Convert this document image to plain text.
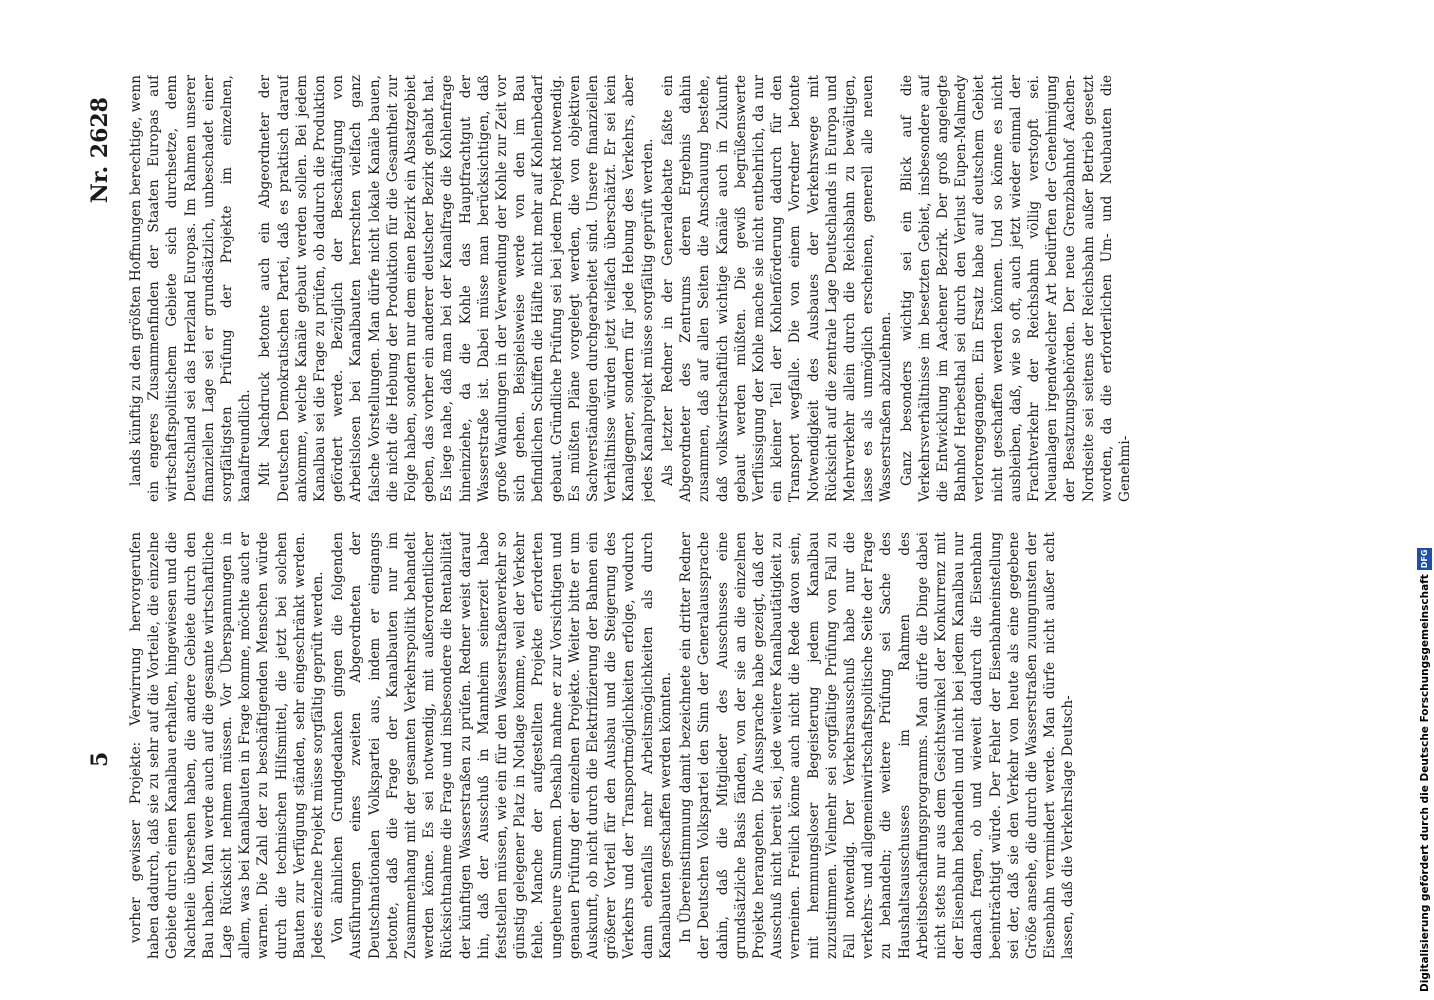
5
Nr. 2628

vorher gewisser Projekte: Verwirrung hervorgerufen haben dadurch, daß sie zu sehr auf die Vorteile, die einzelne Gebiete durch einen Kanalbau erhalten, hingewiesen und die Nachteile übersehen haben, die andere Gebiete durch den Bau haben. Man werde auch auf die gesamte wirtschaftliche Lage Rücksicht nehmen müssen. Vor Überspannungen in allem, was bei Kanalbauten in Frage komme, möchte auch er warnen. Die Zahl der zu beschäftigenden Menschen würde durch die technischen Hilfsmittel, die jetzt bei solchen Bauten zur Verfügung ständen, sehr eingeschränkt werden. Jedes einzelne Projekt müsse sorgfältig geprüft werden. Von ähnlichen Grundgedanken gingen die folgenden Ausführungen eines zweiten Abgeordneten der Deutschnationalen Volkspartei aus, indem er eingangs betonte, daß die Frage der Kanalbauten nur im Zusammenhang mit der gesamten Verkehrspolitik behandelt werden könne. Es sei notwendig, mit außerordentlicher Rücksichtnahme die Frage und insbesondere die Rentabilität der künftigen Wasserstraßen zu prüfen. Redner weist darauf hin, daß der Ausschuß in Mannheim seinerzeit habe feststellen müssen, wie ein für den Wasserstraßenverkehr so günstig gelegener Platz in Notlage komme, weil der Verkehr fehle. Manche der aufgestellten Projekte erforderten ungeheure Summen. Deshalb mahne er zur Vorsichtigen und genauen Prüfung der einzelnen Projekte. Weiter bitte er um Auskunft, ob nicht durch die Elektrifizierung der Bahnen ein größerer Vorteil für den Ausbau und die Steigerung des Verkehrs und der Transportmöglichkeiten erfolge, wodurch dann ebenfalls mehr Arbeitsmöglichkeiten als durch Kanalbauten geschaffen werden könnten. In Übereinstimmung damit bezeichnete ein dritter Redner der Deutschen Volkspartei den Sinn der Generalaussprache dahin, daß die Mitglieder des Ausschusses eine grundsätzliche Basis fänden, von der sie an die einzelnen Projekte herangehen. Die Aussprache habe gezeigt, daß der Ausschuß nicht bereit sei, jede weitere Kanalbautätigkeit zu verneinen. Freilich könne auch nicht die Rede davon sein, mit hemmungsloser Begeisterung jedem Kanalbau zuzustimmen. Vielmehr sei sorgfältige Prüfung von Fall zu Fall notwendig. Der Verkehrsausschuß habe nur die verkehrs- und allgemeinwirtschaftspolitische Seite der Frage zu behandeln; die weitere Prüfung sei Sache des Haushaltsausschusses im Rahmen des Arbeitsbeschaffungsprogramms. Man dürfe die Dinge dabei nicht stets nur aus dem Gesichtswinkel der Konkurrenz mit der Eisenbahn behandeln und nicht bei jedem Kanalbau nur danach fragen, ob und wieweit dadurch die Eisenbahn beeinträchtigt würde. Der Fehler der Eisenbahneinstellung sei der, daß sie den Verkehr von heute als eine gegebene Größe ansehe, die durch die Wasserstraßen zuungunsten der Eisenbahn vermindert werde. Man dürfe nicht außer acht lassen, daß die Verkehrslage Deutsch-

lands künftig zu den größten Hoffnungen berechtige, wenn ein engeres Zusammenfinden der Staaten Europas auf wirtschaftspolitischem Gebiete sich durchsetze, denn Deutschland sei das Herzland Europas. Im Rahmen unserer finanziellen Lage sei er grundsätzlich, unbeschadet einer sorgfältigsten Prüfung der Projekte im einzelnen, kanalfreundlich. Mit Nachdruck betonte auch ein Abgeordneter der Deutschen Demokratischen Partei, daß es praktisch darauf ankomme, welche Kanäle gebaut werden sollen. Bei jedem Kanalbau sei die Frage zu prüfen, ob dadurch die Produktion gefördert werde. Bezüglich der Beschäftigung von Arbeitslosen bei Kanalbauten herrschten vielfach ganz falsche Vorstellungen. Man dürfe nicht lokale Kanäle bauen, die nicht die Hebung der Produktion für die Gesamtheit zur Folge haben, sondern nur dem einen Bezirk ein Absatzgebiet geben, das vorher ein anderer deutscher Bezirk gehabt hat. Es liege nahe, daß man bei der Kanalfrage die Kohlenfrage hineinziehe, da die Kohle das Hauptfrachtgut der Wasserstraße ist. Dabei müsse man berücksichtigen, daß große Wandlungen in der Verwendung der Kohle zur Zeit vor sich gehen. Beispielsweise werde von den im Bau befindlichen Schiffen die Hälfte nicht mehr auf Kohlenbedarf gebaut. Gründliche Prüfung sei bei jedem Projekt notwendig. Es müßten Pläne vorgelegt werden, die von objektiven Sachverständigen durchgearbeitet sind. Unsere finanziellen Verhältnisse würden jetzt vielfach überschätzt. Er sei kein Kanalgegner, sondern für jede Hebung des Verkehrs, aber jedes Kanalprojekt müsse sorgfältig geprüft werden. Als letzter Redner in der Generaldebatte faßte ein Abgeordneter des Zentrums deren Ergebnis dahin zusammen, daß auf allen Seiten die Anschauung bestehe, daß volkswirtschaftlich wichtige Kanäle auch in Zukunft gebaut werden müßten. Die gewiß begrüßenswerte Verflüssigung der Kohle mache sie nicht entbehrlich, da nur ein kleiner Teil der Kohlenförderung dadurch für den Transport wegfalle. Die von einem Vorredner betonte Notwendigkeit des Ausbaues der Verkehrswege mit Rücksicht auf die zentrale Lage Deutschlands in Europa und Mehrverkehr allein durch die Reichsbahn zu bewältigen, lasse es als unmöglich erscheinen, generell alle neuen Wasserstraßen abzulehnen. Ganz besonders wichtig sei ein Blick auf die Verkehrsverhältnisse im besetzten Gebiet, insbesondere auf die Entwicklung im Aachener Bezirk. Der groß angelegte Bahnhof Herbesthal sei durch den Verlust Eupen-Malmedy verlorengegangen. Ein Ersatz habe auf deutschem Gebiet nicht geschaffen werden können. Und so könne es nicht ausbleiben, daß, wie so oft, auch jetzt wieder einmal der Frachtverkehr der Reichsbahn völlig verstopft sei. Neuanlagen irgendwelcher Art bedürften der Genehmigung der Besatzungsbehörden. Der neue Grenzbahnhof Aachen-Nordseite sei seitens der Reichsbahn außer Betrieb gesetzt worden, da die erforderlichen Um- und Neubauten die Genehmi-

Digitalisierung gefördert durch die Deutsche ForschungsgemeinschaftDFG
